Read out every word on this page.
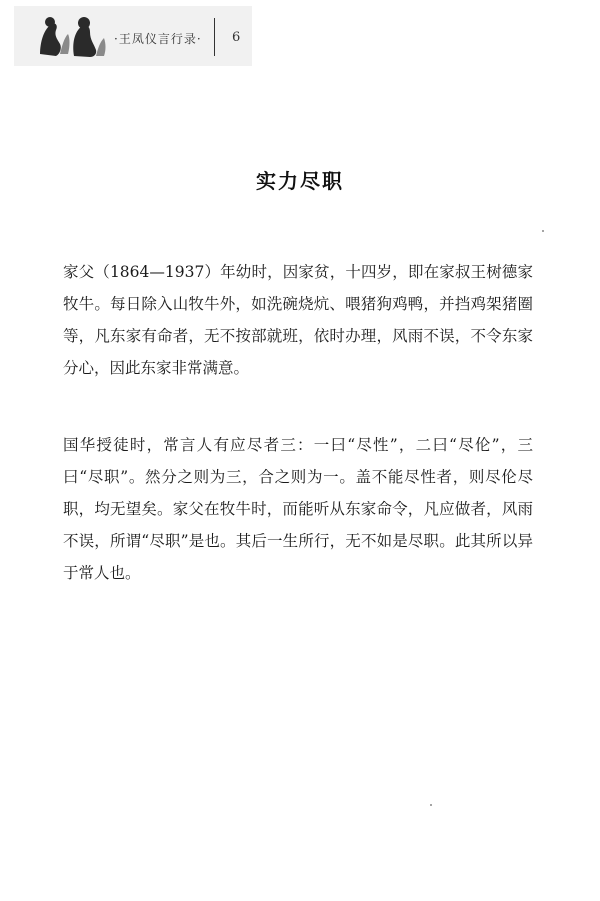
·王凤仪言行录· 6
实力尽职

家父（1864—1937）年幼时，因家贫，十四岁，即在家叔王树德家牧牛。每日除入山牧牛外，如洗碗烧炕、喂猪狗鸡鸭，并挡鸡架猪圈等，凡东家有命者，无不按部就班，依时办理，风雨不误，不令东家分心，因此东家非常满意。

国华授徒时，常言人有应尽者三：一曰“尽性”，二曰“尽伦”，三曰“尽职”。然分之则为三，合之则为一。盖不能尽性者，则尽伦尽职，均无望矣。家父在牧牛时，而能听从东家命令，凡应做者，风雨不误，所谓“尽职”是也。其后一生所行，无不如是尽职。此其所以异于常人也。
